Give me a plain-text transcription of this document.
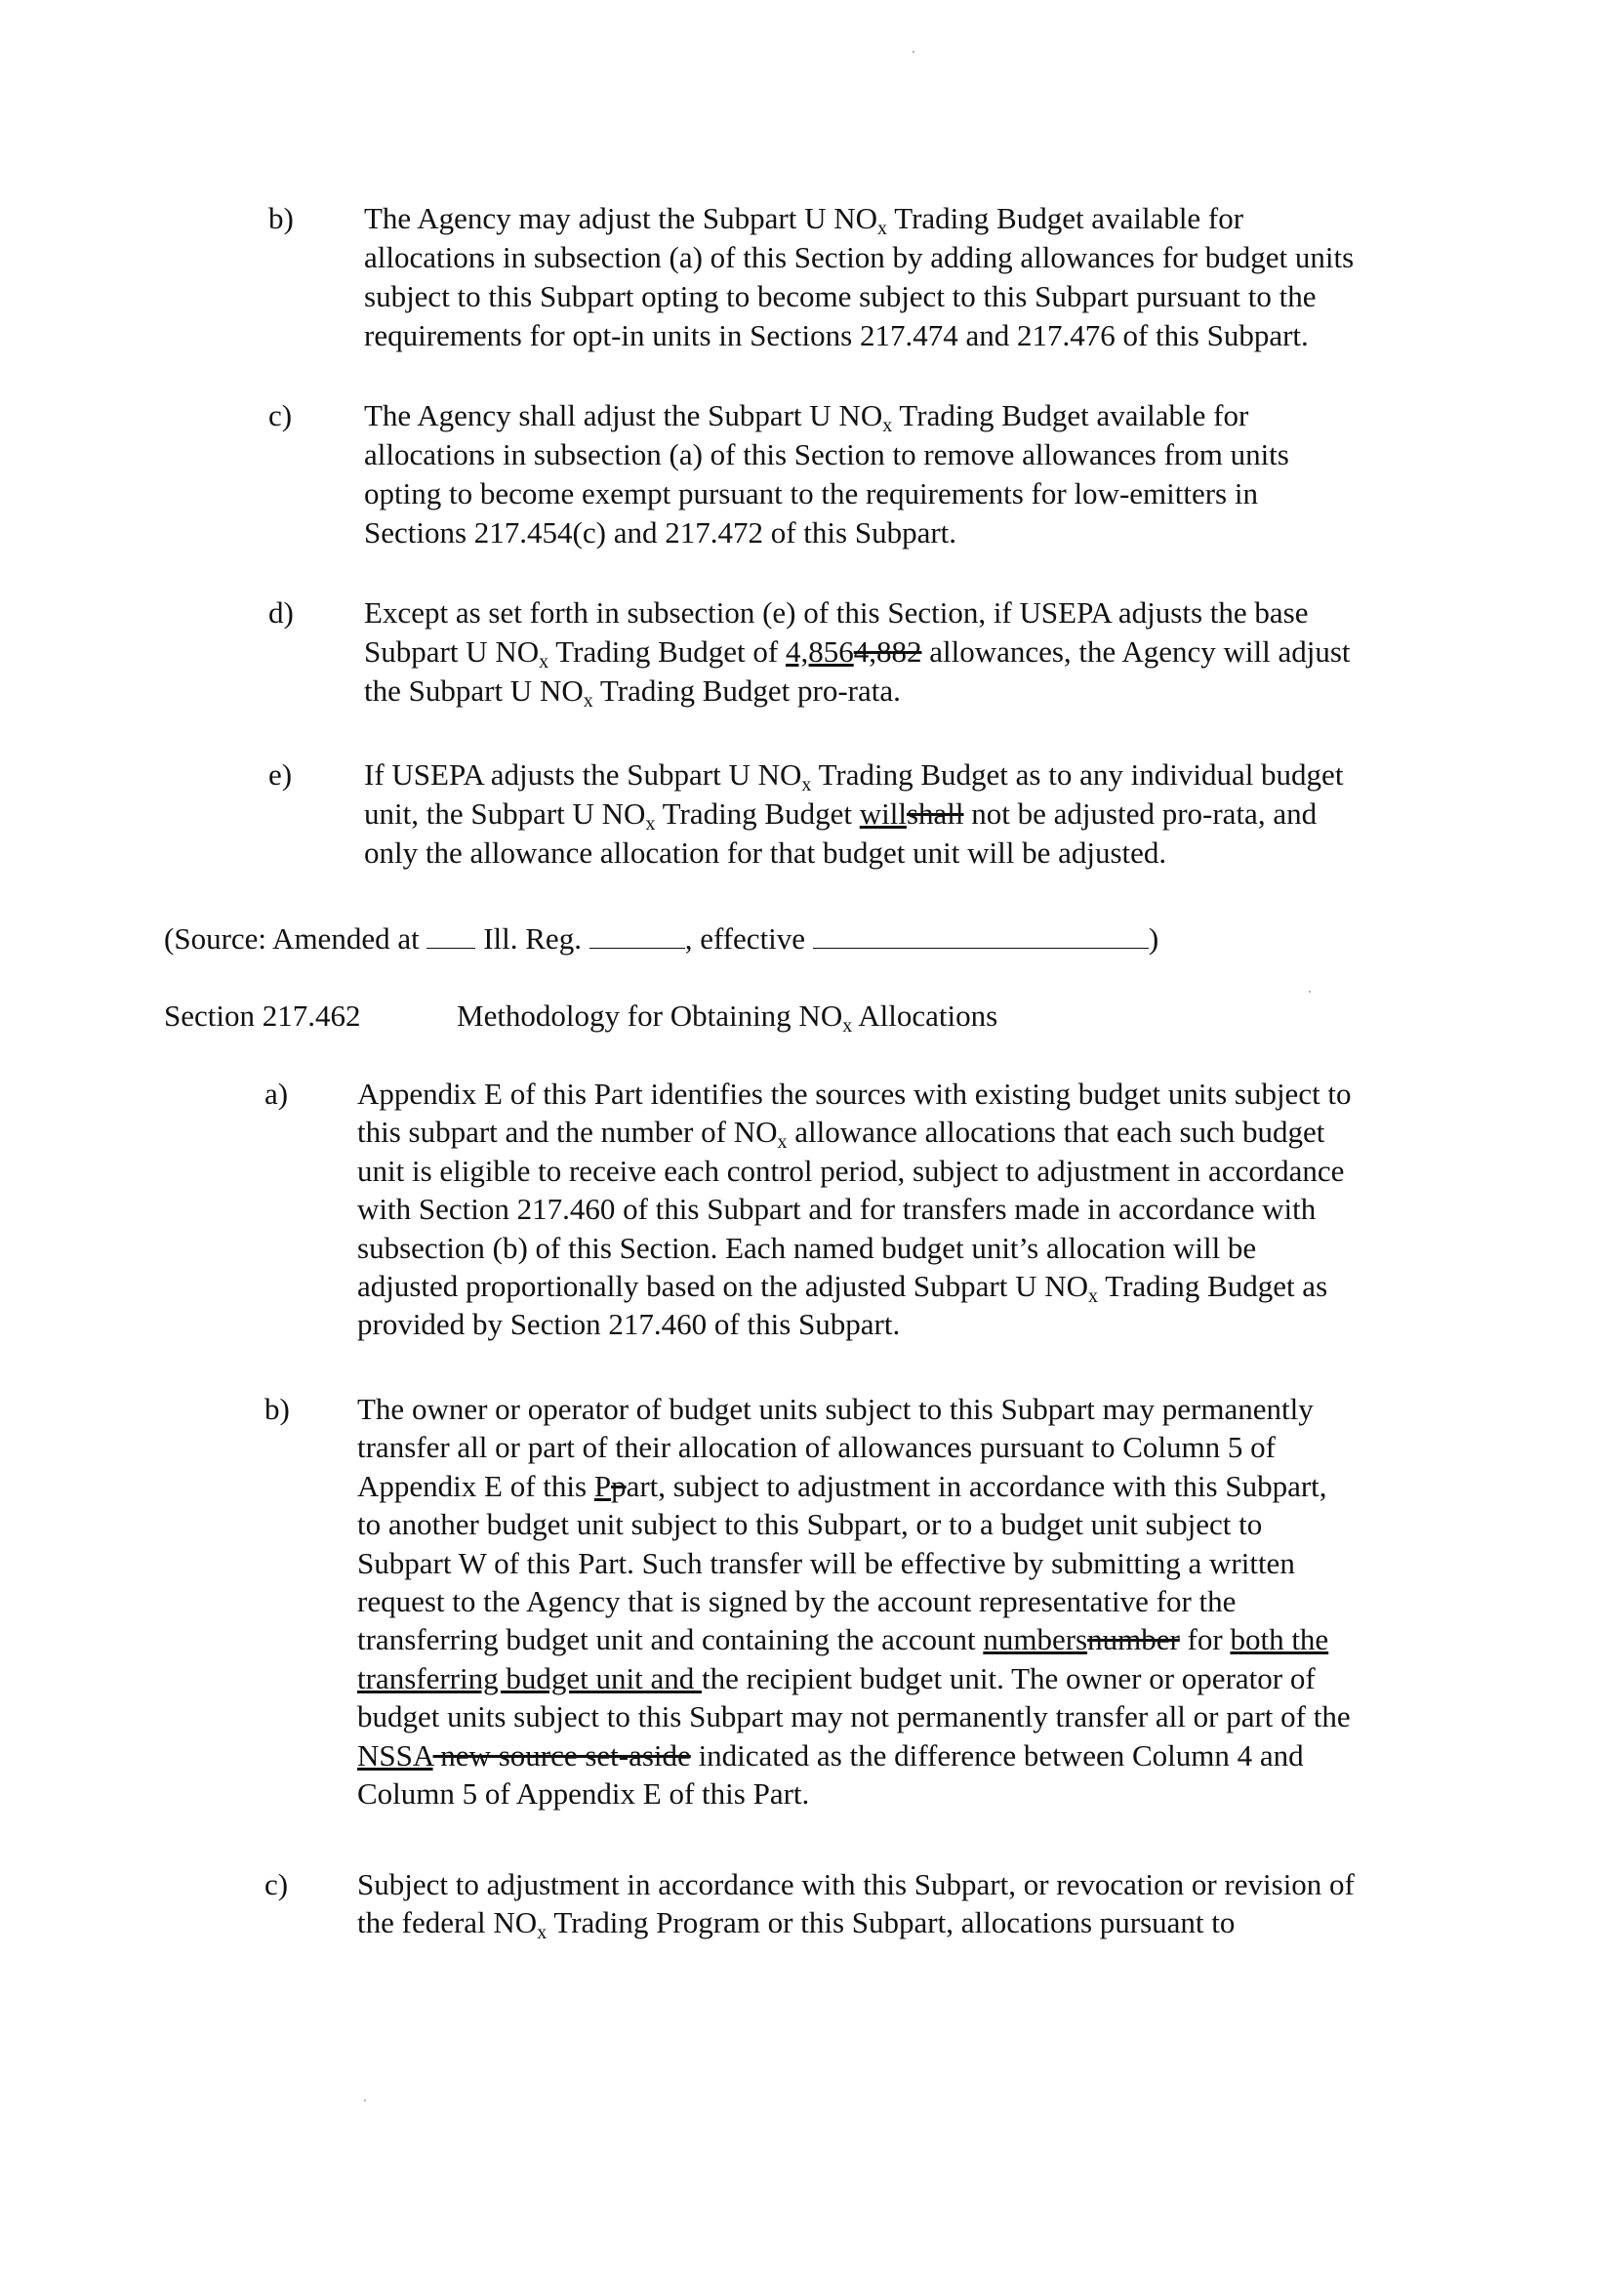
b) The Agency may adjust the Subpart U $NO_x$ Trading Budget available for
allocations in subsection (a) of this Section by adding allowances for budget units
subject to this Subpart opting to become subject to this Subpart pursuant to the
requirements for opt-in units in Sections 217.474 and 217.476 of this Subpart.
c) The Agency shall adjust the Subpart U $NO_x$ Trading Budget available for
allocations in subsection (a) of this Section to remove allowances from units
opting to become exempt pursuant to the requirements for low-emitters in
Sections 217.454(c) and 217.472 of this Subpart.
d) Except as set forth in subsection (e) of this Section, if USEPA adjusts the base
Subpart U $NO_x$ Trading Budget of 4,8564,882 allowances, the Agency will adjust
the Subpart U $NO_x$ Trading Budget pro-rata.
e) If USEPA adjusts the Subpart U $NO_x$ Trading Budget as to any individual budget
unit, the Subpart U $NO_x$ Trading Budget willshall not be adjusted pro-rata, and
only the allowance allocation for that budget unit will be adjusted.
(Source: Amended at  Ill. Reg.	, effective	)
Section 217.462	Methodology for Obtaining $NO_x$ Allocations
a) Appendix E of this Part identifies the sources with existing budget units subject to
this subpart and the number of $NO_x$ allowance allocations that each such budget
unit is eligible to receive each control period, subject to adjustment in accordance
with Section 217.460 of this Subpart and for transfers made in accordance with
subsection (b) of this Section. Each named budget unit’s allocation will be
adjusted proportionally based on the adjusted Subpart U $NO_x$ Trading Budget as
provided by Section 217.460 of this Subpart.
b) The owner or operator of budget units subject to this Subpart may permanently
transfer all or part of their allocation of allowances pursuant to Column 5 of
Appendix E of this Ppart, subject to adjustment in accordance with this Subpart,
to another budget unit subject to this Subpart, or to a budget unit subject to
Subpart W of this Part. Such transfer will be effective by submitting a written
request to the Agency that is signed by the account representative for the
transferring budget unit and containing the account numbersnumber for both the
transferring budget unit and the recipient budget unit. The owner or operator of
budget units subject to this Subpart may not permanently transfer all or part of the
NSSA new source set-aside indicated as the difference between Column 4 and
Column 5 of Appendix E of this Part.
c) Subject to adjustment in accordance with this Subpart, or revocation or revision of
the federal $NO_x$ Trading Program or this Subpart, allocations pursuant to
